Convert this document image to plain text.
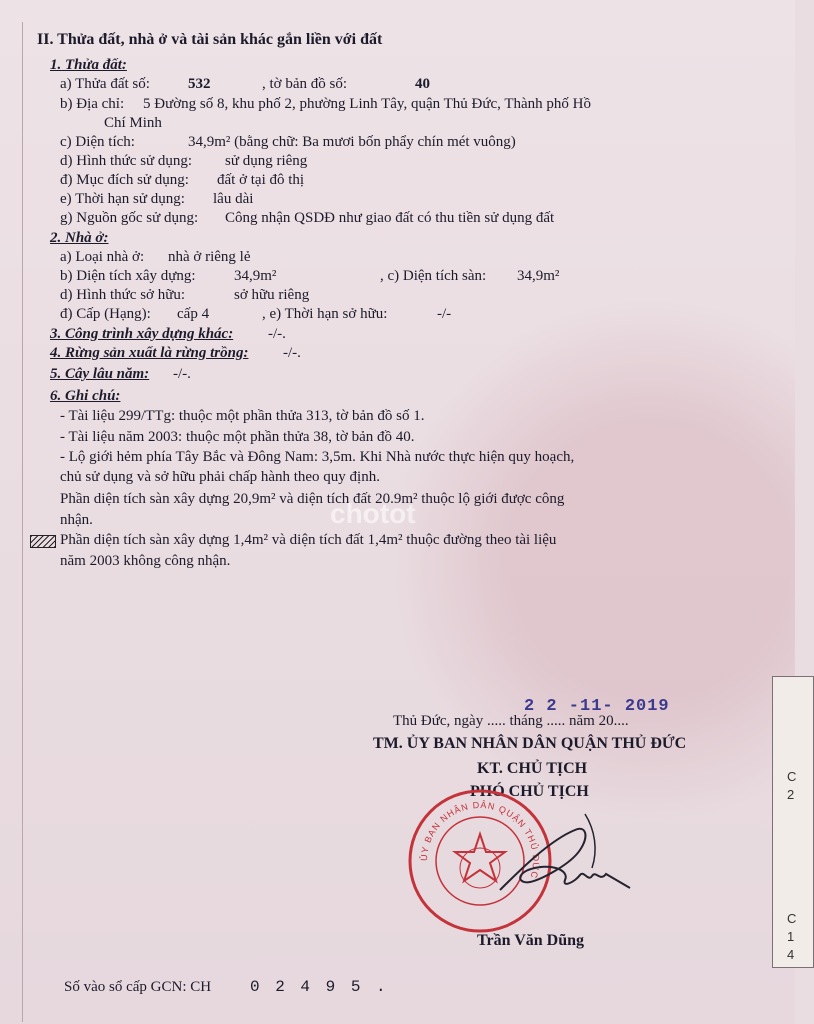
II. Thửa đất, nhà ở và tài sản khác gắn liền với đất
1. Thửa đất:
a) Thửa đất số:	532	, tờ bản đồ số:	40
b) Địa chỉ: 5 Đường số 8, khu phố 2, phường Linh Tây, quận Thủ Đức, Thành phố Hồ
Chí Minh
c) Diện tích:	34,9m² (bằng chữ: Ba mươi bốn phẩy chín mét vuông)
d) Hình thức sử dụng: sử dụng riêng
đ) Mục đích sử dụng: đất ở tại đô thị
e) Thời hạn sử dụng: lâu dài
g) Nguồn gốc sử dụng: Công nhận QSDĐ như giao đất có thu tiền sử dụng đất
2. Nhà ở:
a) Loại nhà ở: nhà ở riêng lẻ
b) Diện tích xây dựng:	34,9m²	, c) Diện tích sàn: 34,9m²
d) Hình thức sở hữu:	sở hữu riêng
đ) Cấp (Hạng): cấp 4	, e) Thời hạn sở hữu:	-/-
3. Công trình xây dựng khác: -/-.
4. Rừng sản xuất là rừng trồng: -/-.
5. Cây lâu năm: -/-.
6. Ghi chú:
- Tài liệu 299/TTg: thuộc một phần thửa 313, tờ bản đồ số 1.
- Tài liệu năm 2003: thuộc một phần thửa 38, tờ bản đồ 40.
- Lộ giới hẻm phía Tây Bắc và Đông Nam: 3,5m. Khi Nhà nước thực hiện quy hoạch,
chủ sử dụng và sở hữu phải chấp hành theo quy định.
Phần diện tích sàn xây dựng 20,9m² và diện tích đất 20.9m² thuộc lộ giới được công
nhận.
Phần diện tích sàn xây dựng 1,4m² và diện tích đất 1,4m² thuộc đường theo tài liệu
năm 2003 không công nhận.
chotot
C
2
C
1
4
2 2 -11- 2019
Thủ Đức, ngày ..... tháng ..... năm 20....
TM. ỦY BAN NHÂN DÂN QUẬN THỦ ĐỨC
KT. CHỦ TỊCH
PHÓ CHỦ TỊCH
ỦY BAN NHÂN DÂN QUẬN THỦ ĐỨC
Trần Văn Dũng
Số vào sổ cấp GCN: CH 0 2 4 9 5 .
